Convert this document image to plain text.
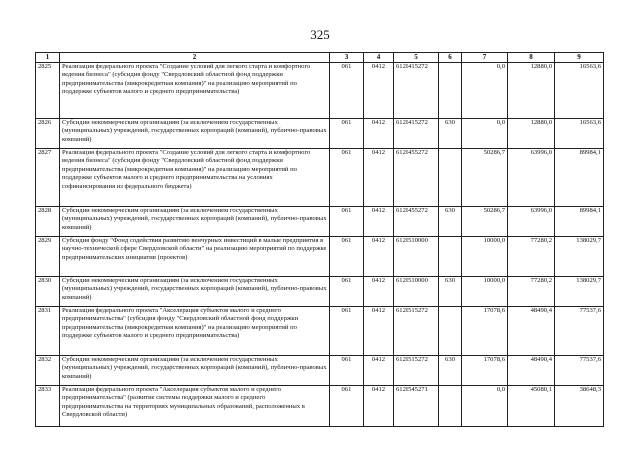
325
1	2	3	4	5	6	7	8	9
2825	Реализация федерального проекта "Создание условий для легкого старта и комфортного ведения бизнеса" (субсидия фонду "Свердловский областной фонд поддержки предпринимательства (микрокредитная компания)" на реализацию мероприятий по поддержке субъектов малого и среднего предпринимательства)	061	0412	612I415272		0,0	12880,0	16563,6
2826	Субсидии некоммерческим организациям (за исключением государственных (муниципальных) учреждений, государственных корпораций (компаний), публично-правовых компаний)	061	0412	612I415272	630	0,0	12880,0	16563,6
2827	Реализация федерального проекта "Создание условий для легкого старта и комфортного ведения бизнеса" (субсидия фонду "Свердловский областной фонд поддержки предпринимательства (микрокредитная компания)" на реализацию мероприятий по поддержке субъектов малого и среднего предпринимательства на условиях софинансирования из федерального бюджета)	061	0412	612I455272		50286,7	63996,0	89984,1
2828	Субсидии некоммерческим организациям (за исключением государственных (муниципальных) учреждений, государственных корпораций (компаний), публично-правовых компаний)	061	0412	612I455272	630	50286,7	63996,0	89984,1
2829	Субсидия фонду "Фонд содействия развитию венчурных инвестиций в малые предприятия в научно-технической сфере Свердловской области" на реализацию мероприятий по поддержке предпринимательских инициатив (проектов)	061	0412	612I510000		10000,0	77280,2	138029,7
2830	Субсидии некоммерческим организациям (за исключением государственных (муниципальных) учреждений, государственных корпораций (компаний), публично-правовых компаний)	061	0412	612I510000	630	10000,0	77280,2	138029,7
2831	Реализация федерального проекта "Акселерация субъектов малого и среднего предпринимательства" (субсидия фонду "Свердловский областной фонд поддержки предпринимательства (микрокредитная компания)" на реализацию мероприятий по поддержке субъектов малого и среднего предпринимательства)	061	0412	612I515272		17078,6	48490,4	77537,6
2832	Субсидии некоммерческим организациям (за исключением государственных (муниципальных) учреждений, государственных корпораций (компаний), публично-правовых компаний)	061	0412	612I515272	630	17078,6	48490,4	77537,6
2833	Реализация федерального проекта "Акселерация субъектов малого и среднего предпринимательства" (развитие системы поддержки малого и среднего предпринимательства на территориях муниципальных образований, расположенных в Свердловской области)	061	0412	612I545271		0,0	45080,1	38648,3
